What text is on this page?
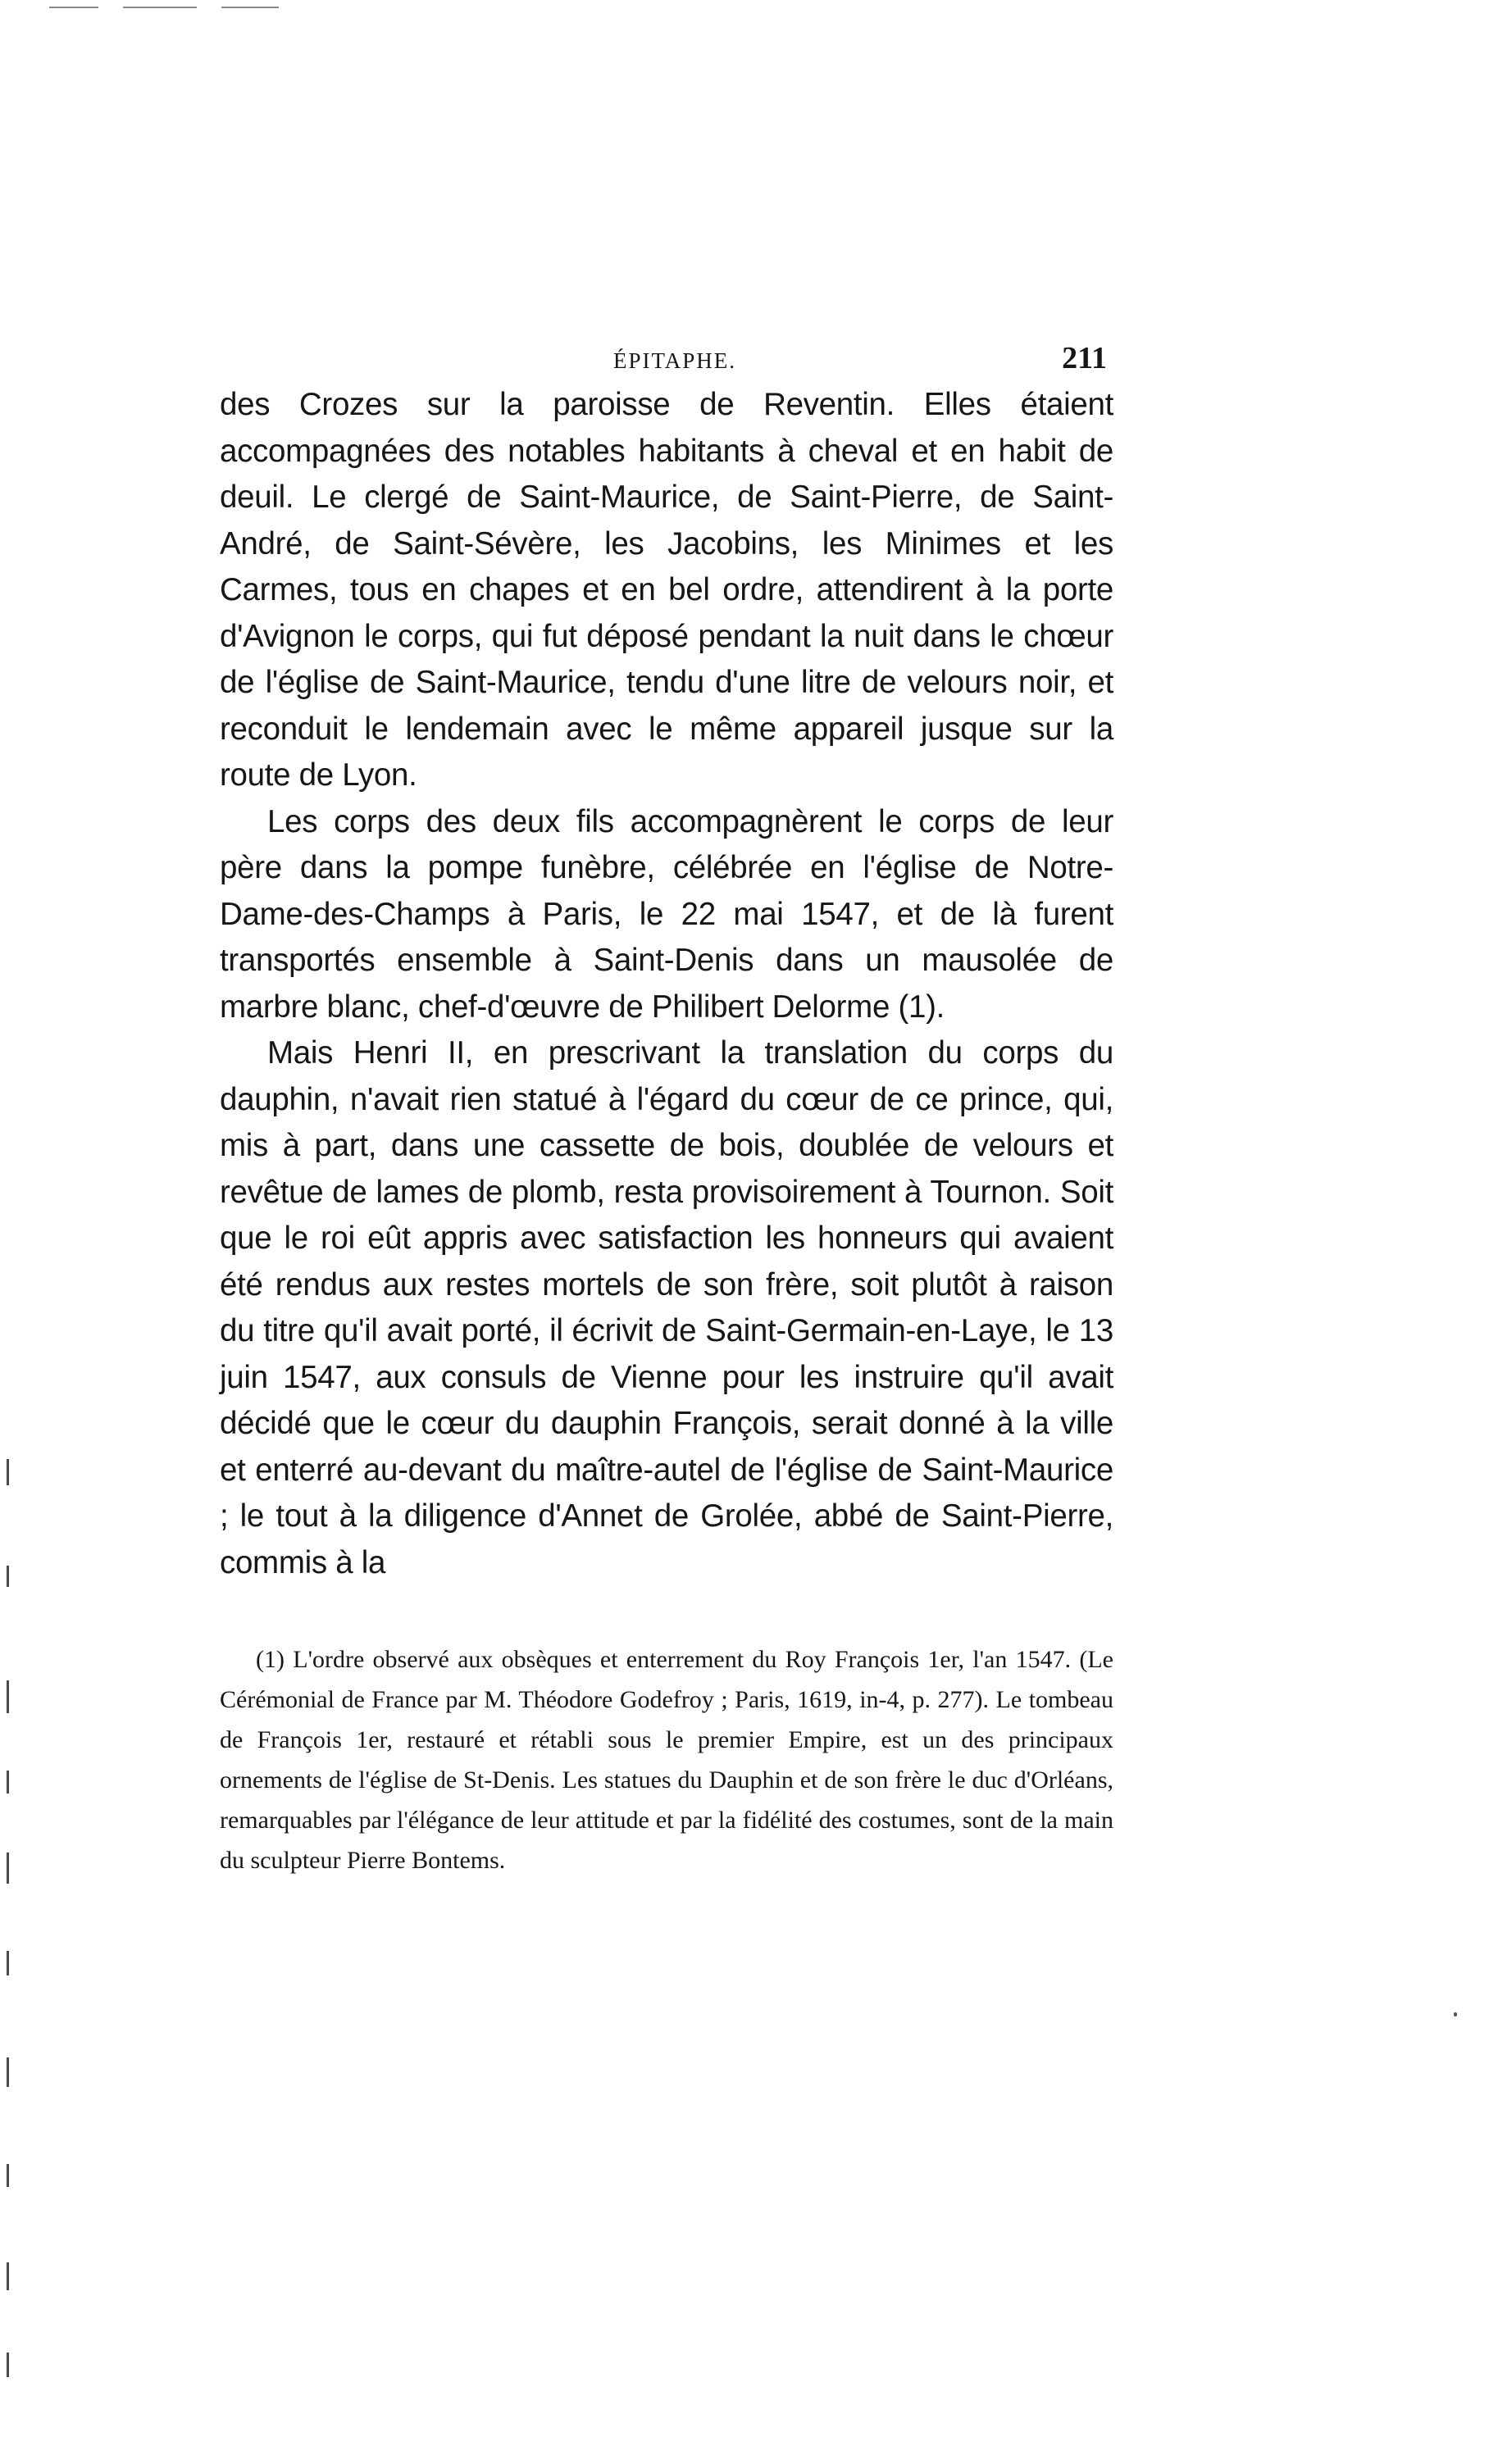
ÉPITAPHE.	211

des Crozes sur la paroisse de Reventin. Elles étaient accompagnées des notables habitants à cheval et en habit de deuil. Le clergé de Saint-Maurice, de Saint-Pierre, de Saint-André, de Saint-Sévère, les Jacobins, les Minimes et les Carmes, tous en chapes et en bel ordre, attendirent à la porte d'Avignon le corps, qui fut déposé pendant la nuit dans le chœur de l'église de Saint-Maurice, tendu d'une litre de velours noir, et reconduit le lendemain avec le même appareil jusque sur la route de Lyon.

Les corps des deux fils accompagnèrent le corps de leur père dans la pompe funèbre, célébrée en l'église de Notre-Dame-des-Champs à Paris, le 22 mai 1547, et de là furent transportés ensemble à Saint-Denis dans un mausolée de marbre blanc, chef-d'œuvre de Philibert Delorme (1).

Mais Henri II, en prescrivant la translation du corps du dauphin, n'avait rien statué à l'égard du cœur de ce prince, qui, mis à part, dans une cassette de bois, doublée de velours et revêtue de lames de plomb, resta provisoirement à Tournon. Soit que le roi eût appris avec satisfaction les honneurs qui avaient été rendus aux restes mortels de son frère, soit plutôt à raison du titre qu'il avait porté, il écrivit de Saint-Germain-en-Laye, le 13 juin 1547, aux consuls de Vienne pour les instruire qu'il avait décidé que le cœur du dauphin François, serait donné à la ville et enterré au-devant du maître-autel de l'église de Saint-Maurice ; le tout à la diligence d'Annet de Grolée, abbé de Saint-Pierre, commis à la

(1) L'ordre observé aux obsèques et enterrement du Roy François 1er, l'an 1547. (Le Cérémonial de France par M. Théodore Godefroy ; Paris, 1619, in-4, p. 277). Le tombeau de François 1er, restauré et rétabli sous le premier Empire, est un des principaux ornements de l'église de St-Denis. Les statues du Dauphin et de son frère le duc d'Orléans, remarquables par l'élégance de leur attitude et par la fidélité des costumes, sont de la main du sculpteur Pierre Bontems.
